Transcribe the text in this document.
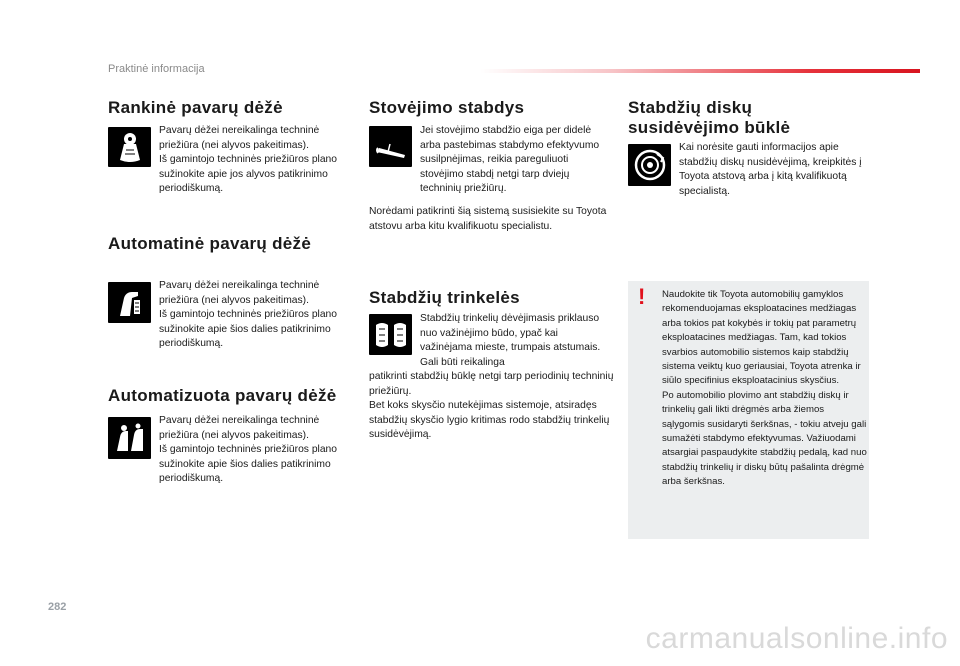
Praktinė informacija
Rankinė pavarų dėžė
Pavarų dėžei nereikalinga techninė priežiūra (nei alyvos pakeitimas).
Iš gamintojo techninės priežiūros plano sužinokite apie jos alyvos patikrinimo periodiškumą.
Automatinė pavarų dėžė
Pavarų dėžei nereikalinga techninė priežiūra (nei alyvos pakeitimas).
Iš gamintojo techninės priežiūros plano sužinokite apie šios dalies patikrinimo periodiškumą.
Automatizuota pavarų dėžė
Pavarų dėžei nereikalinga techninė priežiūra (nei alyvos pakeitimas).
Iš gamintojo techninės priežiūros plano sužinokite apie šios dalies patikrinimo periodiškumą.
Stovėjimo stabdys
Jei stovėjimo stabdžio eiga per didelė arba pastebimas stabdymo efektyvumo susilpnėjimas, reikia pareguliuoti stovėjimo stabdį netgi tarp dviejų techninių priežiūrų.
Norėdami patikrinti šią sistemą susisiekite su Toyota atstovu arba kitu kvalifikuotu specialistu.
Stabdžių trinkelės
Stabdžių trinkelių dėvėjimasis priklauso nuo važinėjimo būdo, ypač kai važinėjama mieste, trumpais atstumais. Gali būti reikalinga
patikrinti stabdžių būklę netgi tarp periodinių techninių priežiūrų.
Bet koks skysčio nutekėjimas sistemoje, atsiradęs stabdžių skysčio lygio kritimas rodo stabdžių trinkelių susidėvėjimą.
Stabdžių diskų susidėvėjimo būklė
Kai norėsite gauti informacijos apie stabdžių diskų nusidėvėjimą, kreipkitės į Toyota atstovą arba į kitą kvalifikuotą specialistą.
! Naudokite tik Toyota automobilių gamyklos rekomenduojamas eksploatacines medžiagas arba tokios pat kokybės ir tokių pat parametrų eksploatacines medžiagas. Tam, kad tokios svarbios automobilio sistemos kaip stabdžių sistema veiktų kuo geriausiai, Toyota atrenka ir siūlo specifinius eksploatacinius skysčius.
Po automobilio plovimo ant stabdžių diskų ir trinkelių gali likti drėgmės arba žiemos sąlygomis susidaryti šerkšnas, - tokiu atveju gali sumažėti stabdymo efektyvumas. Važiuodami atsargiai paspaudykite stabdžių pedalą, kad nuo stabdžių trinkelių ir diskų būtų pašalinta drėgmė arba šerkšnas.
282
carmanualsonline.info
